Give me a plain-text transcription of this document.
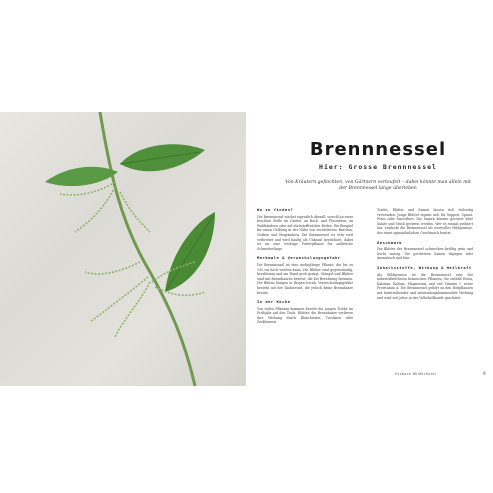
Brennnessel
Hier: Grosse Brennnessel
Von Kräutern geflochten, von Gärtnern verteufelt – dabei könnte man allein mit der Brennnessel lange überleben
Wo zu finden?

Die Brennnessel wächst eigentlich überall, sowohl an einer feuchten Stelle im Garten, an Bach- und Flussufern, an Waldrändern oder auf stickstoffreichen Böden. Ein Beispiel für einen Gelbling in der Nähe von verwilderten Brachen, Gräben und Wegrändern. Die Brennnessel ist sehr weit verbreitet und wird häufig als Unkraut bezeichnet, dabei ist sie eine wichtige Futterpflanze für zahlreiche Schmetterlinge.

Merkmale & Verwechslungsgefahr

Die Brennnessel ist eine mehrjährige Pflanze, die bis zu 150 cm hoch werden kann. Die Blätter sind gegenständig, herzförmig und am Rand grob gesägt. Stängel und Blätter sind mit Brennhaaren besetzt, die bei Berührung brennen. Die Blüten hängen in Rispen herab. Verwechslungsgefahr besteht mit der Taubnessel, die jedoch keine Brennhaare besitzt.

In der Küche

Von vielen Pflanzen kommen bereits die jungen Triebe im Frühjahr auf den Tisch. Blätter, die Brennhaare verlieren ihre Wirkung durch Blanchieren, Trocknen oder Zerkleinern.

Triebe, Blätter und Samen lassen sich vielseitig verwenden. Junge Blätter eignen sich für Suppen, Spinat, Pesto oder Smoothies. Die Samen können geröstet über Salate und Müsli gestreut werden. Wer es einmal probiert hat, entdeckt die Brennnessel als wertvolles Wildgemüse, das einen spinatähnlichen Geschmack besitzt.

Geschmack

Die Blätter der Brennnessel schmecken kräftig grün und leicht nussig. Die gerösteten Samen dagegen sehr aromatisch und fein.

Inhaltsstoffe, Wirkung & Heilkraft

Als Wildgemüse ist die Brennnessel eine der nährstoffreichsten heimischen Pflanzen. Sie enthält Eisen, Kalzium, Kalium, Magnesium und viel Vitamin C sowie Provitamin A. Die Brennnessel gehört zu den Heilpflanzen mit harntreibender und entzündungshemmender Wirkung und wird seit jeher in der Volksheilkunde geschätzt.

Essbare Wildkräuter	9
